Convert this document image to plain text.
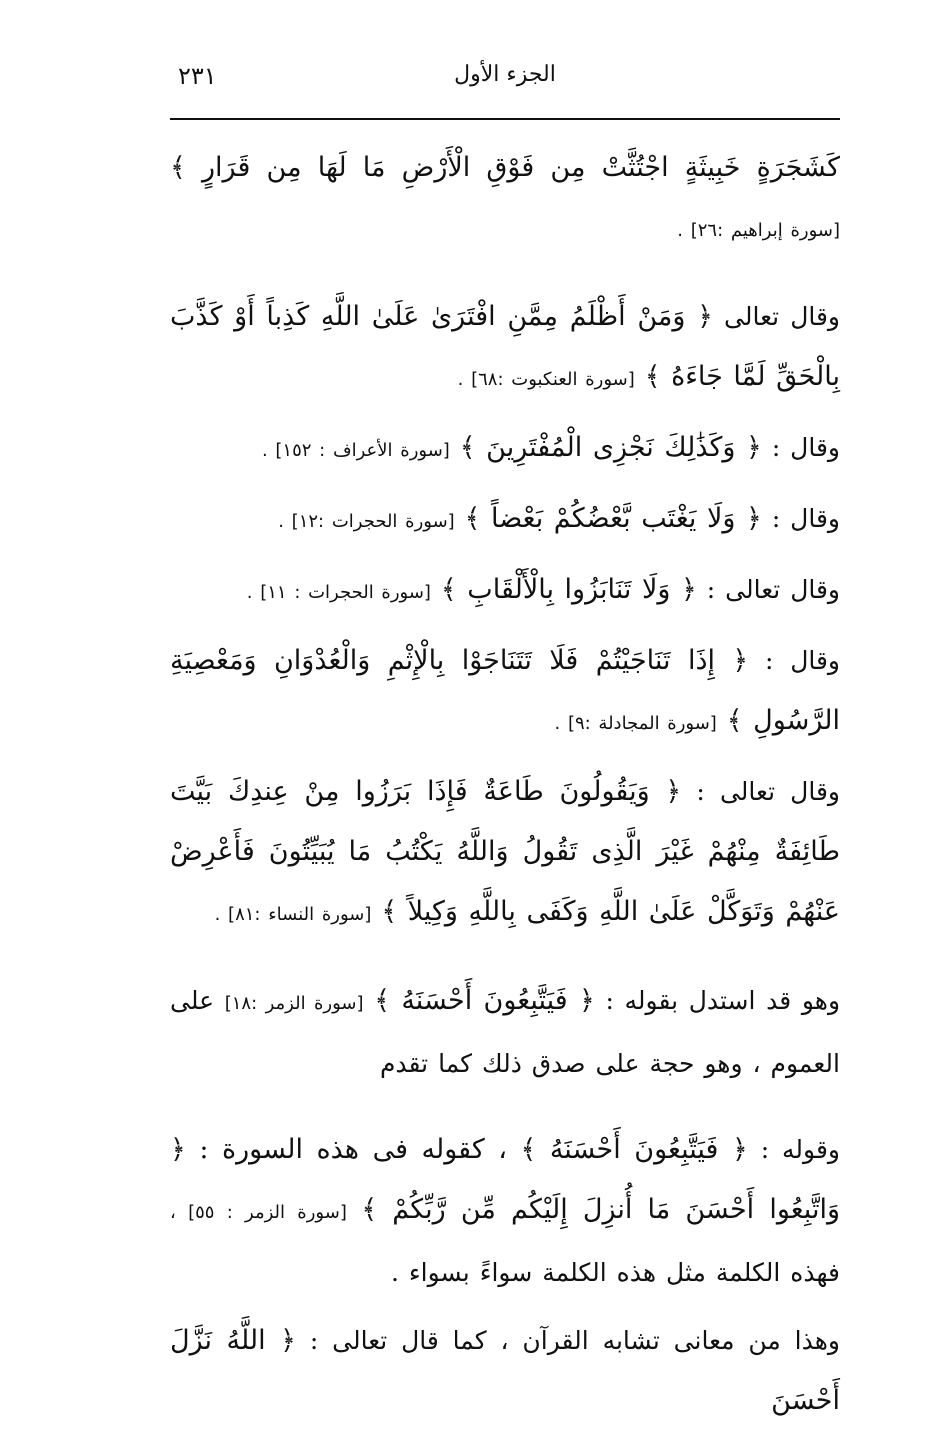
٢٣١	الجزء الأول

كَشَجَرَةٍ خَبِيثَةٍ اجْتُثَّتْ مِن فَوْقِ الْأَرْضِ مَا لَهَا مِن قَرَارٍ ﴾ [سورة إبراهيم :٢٦] .

وقال تعالى ﴿ وَمَنْ أَظْلَمُ مِمَّنِ افْتَرَىٰ عَلَىٰ اللَّهِ كَذِباً أَوْ كَذَّبَ بِالْحَقِّ لَمَّا جَاءَهُ ﴾ [سورة العنكبوت :٦٨] .

وقال : ﴿ وَكَذَٰلِكَ نَجْزِى الْمُفْتَرِينَ ﴾ [سورة الأعراف : ١٥٢] .

وقال : ﴿ وَلَا يَغْتَب بَّعْضُكُمْ بَعْضاً ﴾ [سورة الحجرات :١٢] .

وقال تعالى : ﴿ وَلَا تَنَابَزُوا بِالْأَلْقَابِ ﴾ [سورة الحجرات : ١١] .

وقال : ﴿ إِذَا تَنَاجَيْتُمْ فَلَا تَتَنَاجَوْا بِالْإِثْمِ وَالْعُدْوَانِ وَمَعْصِيَةِ الرَّسُولِ ﴾ [سورة المجادلة :٩] .

وقال تعالى : ﴿ وَيَقُولُونَ طَاعَةٌ فَإِذَا بَرَزُوا مِنْ عِندِكَ بَيَّتَ طَائِفَةٌ مِنْهُمْ غَيْرَ الَّذِى تَقُولُ وَاللَّهُ يَكْتُبُ مَا يُبَيِّتُونَ فَأَعْرِضْ عَنْهُمْ وَتَوَكَّلْ عَلَىٰ اللَّهِ وَكَفَى بِاللَّهِ وَكِيلاً ﴾ [سورة النساء :٨١] .

وهو قد استدل بقوله : ﴿ فَيَتَّبِعُونَ أَحْسَنَهُ ﴾ [سورة الزمر :١٨] على العموم ، وهو حجة على صدق ذلك كما تقدم

وقوله : ﴿ فَيَتَّبِعُونَ أَحْسَنَهُ ﴾ ، كقوله فى هذه السورة : ﴿ وَاتَّبِعُوا أَحْسَنَ مَا أُنزِلَ إِلَيْكُم مِّن رَّبِّكُمْ ﴾ [سورة الزمر : ٥٥] ، فهذه الكلمة مثل هذه الكلمة سواءً بسواء .

وهذا من معانى تشابه القرآن ، كما قال تعالى : ﴿ اللَّهُ نَزَّلَ أَحْسَنَ
